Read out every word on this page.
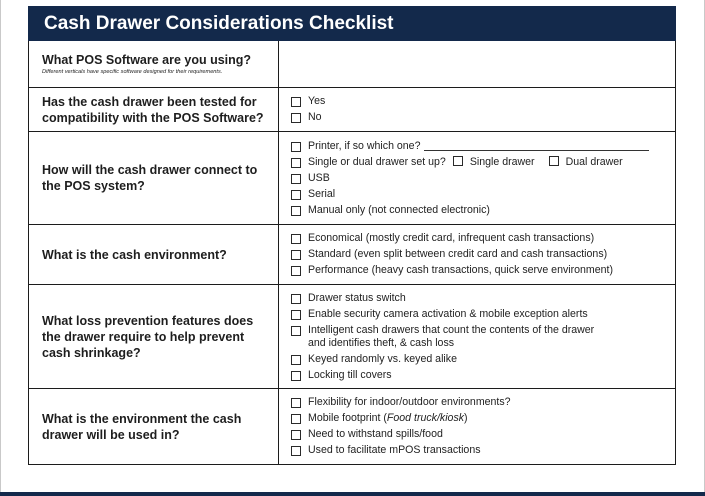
Cash Drawer Considerations Checklist
What POS Software are you using?
Different verticals have specific software designed for their requirements.
Has the cash drawer been tested for compatibility with the POS Software?
Yes
No
How will the cash drawer connect to the POS system?
Printer, if so which one?
Single or dual drawer set up? Single drawer	Dual drawer
USB
Serial
Manual only (not connected electronic)
What is the cash environment?
Economical (mostly credit card, infrequent cash transactions)
Standard (even split between credit card and cash transactions)
Performance (heavy cash transactions, quick serve environment)
What loss prevention features does the drawer require to help prevent cash shrinkage?
Drawer status switch
Enable security camera activation & mobile exception alerts
Intelligent cash drawers that count the contents of the drawer
and identifies theft, & cash loss
Keyed randomly vs. keyed alike
Locking till covers
What is the environment the cash drawer will be used in?
Flexibility for indoor/outdoor environments?
Mobile footprint (Food truck/kiosk)
Need to withstand spills/food
Used to facilitate mPOS transactions
